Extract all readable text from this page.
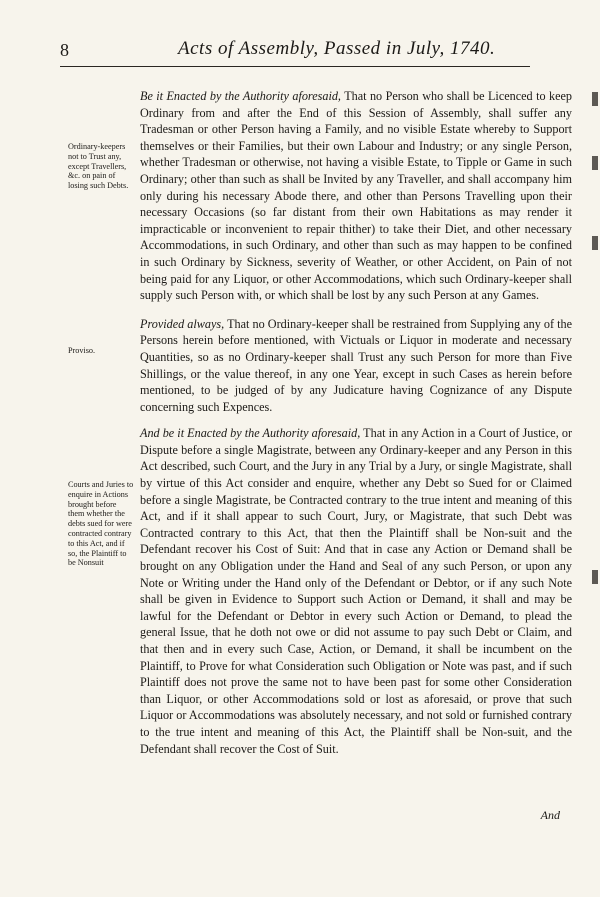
8	Acts of Assembly, Passed in July, 1740.
Ordinary-keepers not to Trust any, except Travellers, &c. on pain of losing such Debts.
Proviso.
Courts and Juries to enquire in Actions brought before them whether the debts sued for were contracted contrary to this Act, and if so, the Plaintiff to be Nonsuit

Be it Enacted by the Authority aforesaid, That no Person who shall be Licenced to keep Ordinary from and after the End of this Session of Assembly, shall suffer any Tradesman or other Person having a Family, and no visible Estate whereby to Support themselves or their Families, but their own Labour and Industry; or any single Person, whether Tradesman or otherwise, not having a visible Estate, to Tipple or Game in such Ordinary; other than such as shall be Invited by any Traveller, and shall accompany him only during his necessary Abode there, and other than Persons Travelling upon their necessary Occasions (so far distant from their own Habitations as may render it impracticable or inconvenient to repair thither) to take their Diet, and other necessary Accommodations, in such Ordinary, and other than such as may happen to be confined in such Ordinary by Sickness, severity of Weather, or other Accident, on Pain of not being paid for any Liquor, or other Accommodations, which such Ordinary-keeper shall supply such Person with, or which shall be lost by any such Person at any Games.

Provided always, That no Ordinary-keeper shall be restrained from Supplying any of the Persons herein before mentioned, with Victuals or Liquor in moderate and necessary Quantities, so as no Ordinary-keeper shall Trust any such Person for more than Five Shillings, or the value thereof, in any one Year, except in such Cases as herein before mentioned, to be judged of by any Judicature having Cognizance of any Dispute concerning such Expences.

And be it Enacted by the Authority aforesaid, That in any Action in a Court of Justice, or Dispute before a single Magistrate, between any Ordinary-keeper and any Person in this Act described, such Court, and the Jury in any Trial by a Jury, or single Magistrate, shall by virtue of this Act consider and enquire, whether any Debt so Sued for or Claimed before a single Magistrate, be Contracted contrary to the true intent and meaning of this Act, and if it shall appear to such Court, Jury, or Magistrate, that such Debt was Contracted contrary to this Act, that then the Plaintiff shall be Non-suit and the Defendant recover his Cost of Suit: And that in case any Action or Demand shall be brought on any Obligation under the Hand and Seal of any such Person, or upon any Note or Writing under the Hand only of the Defendant or Debtor, or if any such Note shall be given in Evidence to Support such Action or Demand, it shall and may be lawful for the Defendant or Debtor in every such Action or Demand, to plead the general Issue, that he doth not owe or did not assume to pay such Debt or Claim, and that then and in every such Case, Action, or Demand, it shall be incumbent on the Plaintiff, to Prove for what Consideration such Obligation or Note was past, and if such Plaintiff does not prove the same not to have been past for some other Consideration than Liquor, or other Accommodations sold or lost as aforesaid, or prove that such Liquor or Accommodations was absolutely necessary, and not sold or furnished contrary to the true intent and meaning of this Act, the Plaintiff shall be Non-suit, and the Defendant shall recover the Cost of Suit.

And
